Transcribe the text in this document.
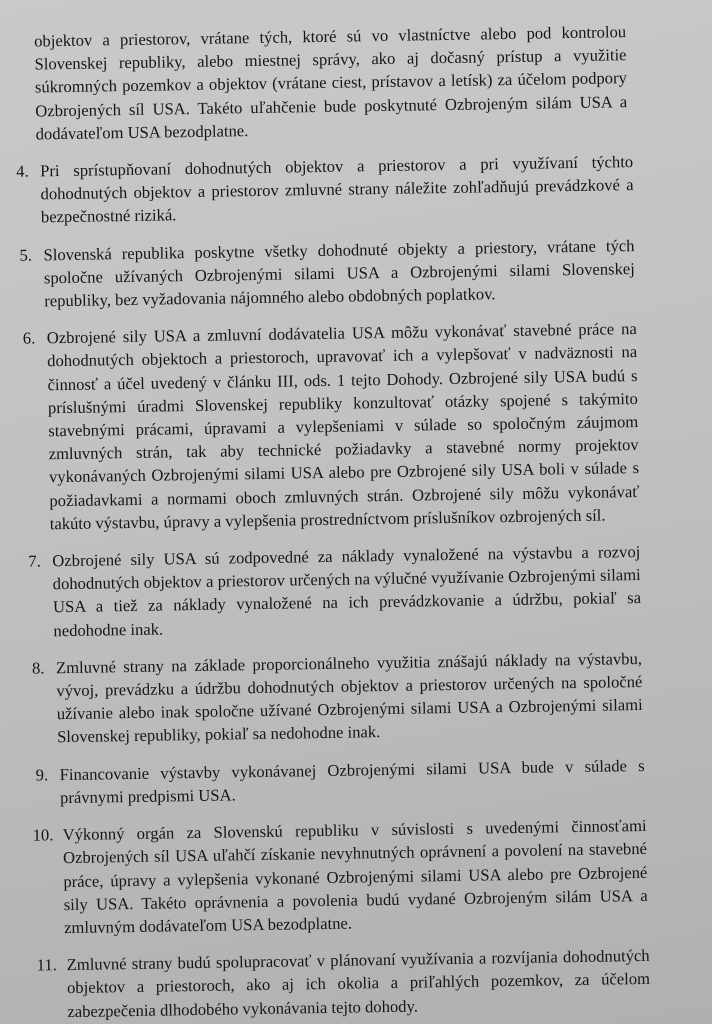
objektov a priestorov, vrátane tých, ktoré sú vo vlastníctve alebo pod kontrolou Slovenskej republiky, alebo miestnej správy, ako aj dočasný prístup a využitie súkromných pozemkov a objektov (vrátane ciest, prístavov a letísk) za účelom podpory Ozbrojených síl USA. Takéto uľahčenie bude poskytnuté Ozbrojeným silám USA a dodávateľom USA bezodplatne.

4. Pri sprístupňovaní dohodnutých objektov a priestorov a pri využívaní týchto dohodnutých objektov a priestorov zmluvné strany náležite zohľadňujú prevádzkové a bezpečnostné riziká.
5. Slovenská republika poskytne všetky dohodnuté objekty a priestory, vrátane tých spoločne užívaných Ozbrojenými silami USA a Ozbrojenými silami Slovenskej republiky, bez vyžadovania nájomného alebo obdobných poplatkov.
6. Ozbrojené sily USA a zmluvní dodávatelia USA môžu vykonávať stavebné práce na dohodnutých objektoch a priestoroch, upravovať ich a vylepšovať v nadväznosti na činnosť a účel uvedený v článku III, ods. 1 tejto Dohody. Ozbrojené sily USA budú s príslušnými úradmi Slovenskej republiky konzultovať otázky spojené s takýmito stavebnými prácami, úpravami a vylepšeniami v súlade so spoločným záujmom zmluvných strán, tak aby technické požiadavky a stavebné normy projektov vykonávaných Ozbrojenými silami USA alebo pre Ozbrojené sily USA boli v súlade s požiadavkami a normami oboch zmluvných strán. Ozbrojené sily môžu vykonávať takúto výstavbu, úpravy a vylepšenia prostredníctvom príslušníkov ozbrojených síl.
7. Ozbrojené sily USA sú zodpovedné za náklady vynaložené na výstavbu a rozvoj dohodnutých objektov a priestorov určených na výlučné využívanie Ozbrojenými silami USA a tiež za náklady vynaložené na ich prevádzkovanie a údržbu, pokiaľ sa nedohodne inak.
8. Zmluvné strany na základe proporcionálneho využitia znášajú náklady na výstavbu, vývoj, prevádzku a údržbu dohodnutých objektov a priestorov určených na spoločné užívanie alebo inak spoločne užívané Ozbrojenými silami USA a Ozbrojenými silami Slovenskej republiky, pokiaľ sa nedohodne inak.
9. Financovanie výstavby vykonávanej Ozbrojenými silami USA bude v súlade s právnymi predpismi USA.
10. Výkonný orgán za Slovenskú republiku v súvislosti s uvedenými činnosťami Ozbrojených síl USA uľahčí získanie nevyhnutných oprávnení a povolení na stavebné práce, úpravy a vylepšenia vykonané Ozbrojenými silami USA alebo pre Ozbrojené sily USA. Takéto oprávnenia a povolenia budú vydané Ozbrojeným silám USA a zmluvným dodávateľom USA bezodplatne.
11. Zmluvné strany budú spolupracovať v plánovaní využívania a rozvíjania dohodnutých objektov a priestoroch, ako aj ich okolia a priľahlých pozemkov, za účelom zabezpečenia dlhodobého vykonávania tejto dohody.
